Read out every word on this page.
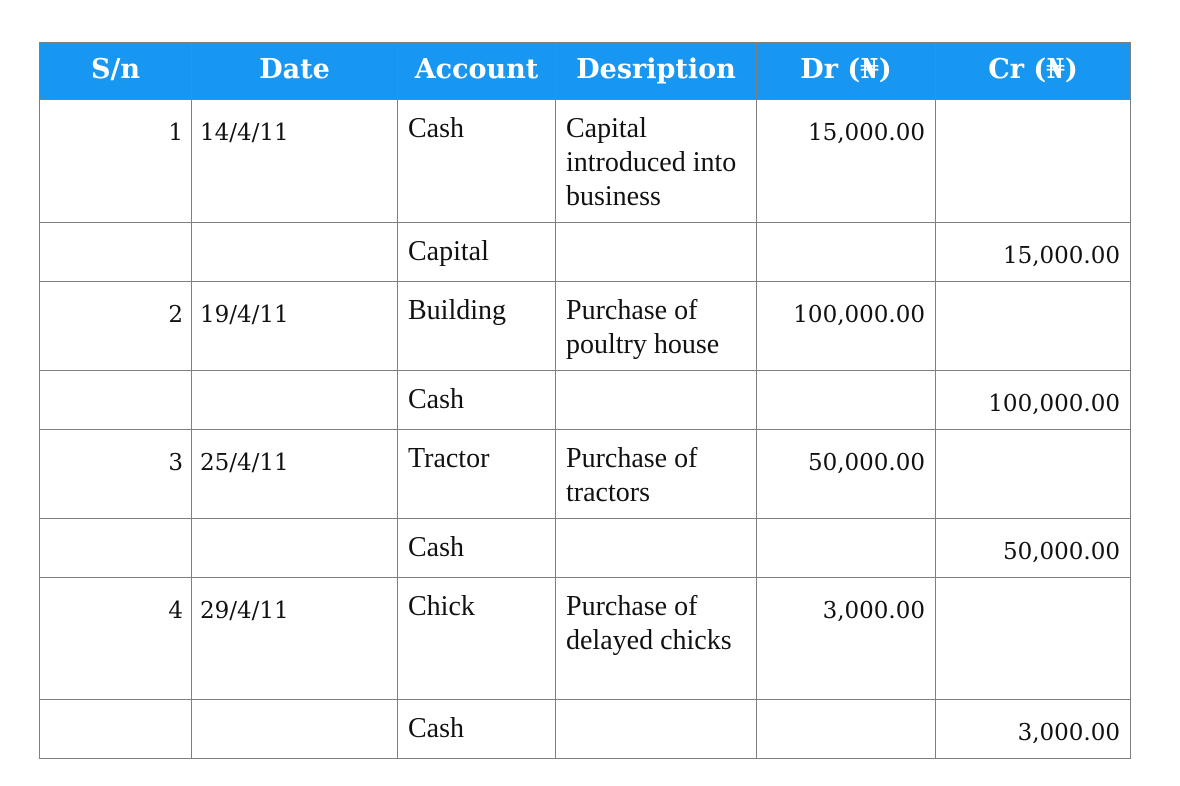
S/n	Date	Account	Desription	Dr (₦)	Cr (₦)
1	14/4/11	Cash	Capital introduced into business	15,000.00	
		Capital			15,000.00
2	19/4/11	Building	Purchase of poultry house	100,000.00	
		Cash			100,000.00
3	25/4/11	Tractor	Purchase of tractors	50,000.00	
		Cash			50,000.00
4	29/4/11	Chick	Purchase of delayed chicks	3,000.00	
		Cash			3,000.00
